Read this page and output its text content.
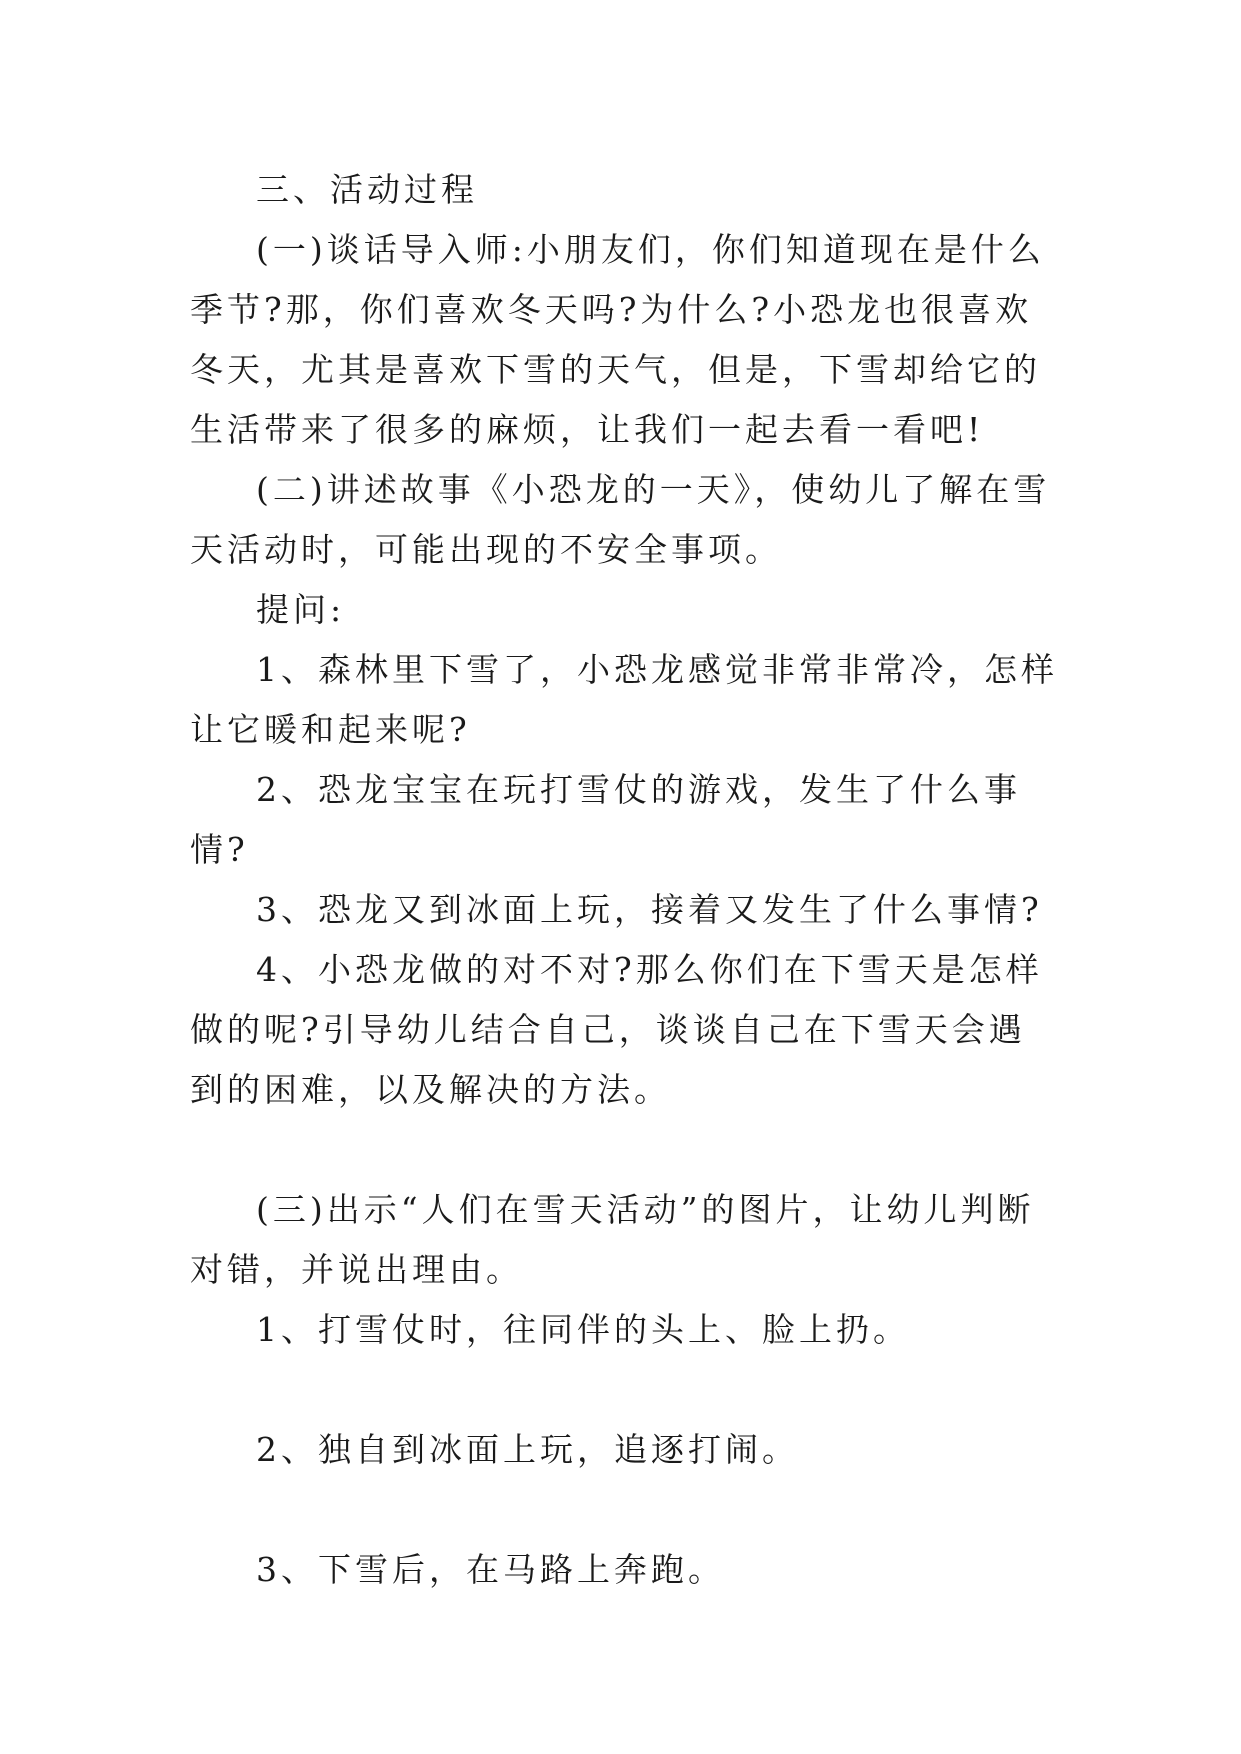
三、活动过程

(一)谈话导入师:小朋友们，你们知道现在是什么季节?那，你们喜欢冬天吗?为什么?小恐龙也很喜欢冬天，尤其是喜欢下雪的天气，但是，下雪却给它的生活带来了很多的麻烦，让我们一起去看一看吧!

(二)讲述故事《小恐龙的一天》，使幼儿了解在雪天活动时，可能出现的不安全事项。

提问:

1、森林里下雪了，小恐龙感觉非常非常冷，怎样让它暖和起来呢?

2、恐龙宝宝在玩打雪仗的游戏，发生了什么事情?

3、恐龙又到冰面上玩，接着又发生了什么事情?

4、小恐龙做的对不对?那么你们在下雪天是怎样做的呢?引导幼儿结合自己，谈谈自己在下雪天会遇到的困难，以及解决的方法。

(三)出示“人们在雪天活动”的图片，让幼儿判断对错，并说出理由。

1、打雪仗时，往同伴的头上、脸上扔。

2、独自到冰面上玩，追逐打闹。

3、下雪后，在马路上奔跑。
